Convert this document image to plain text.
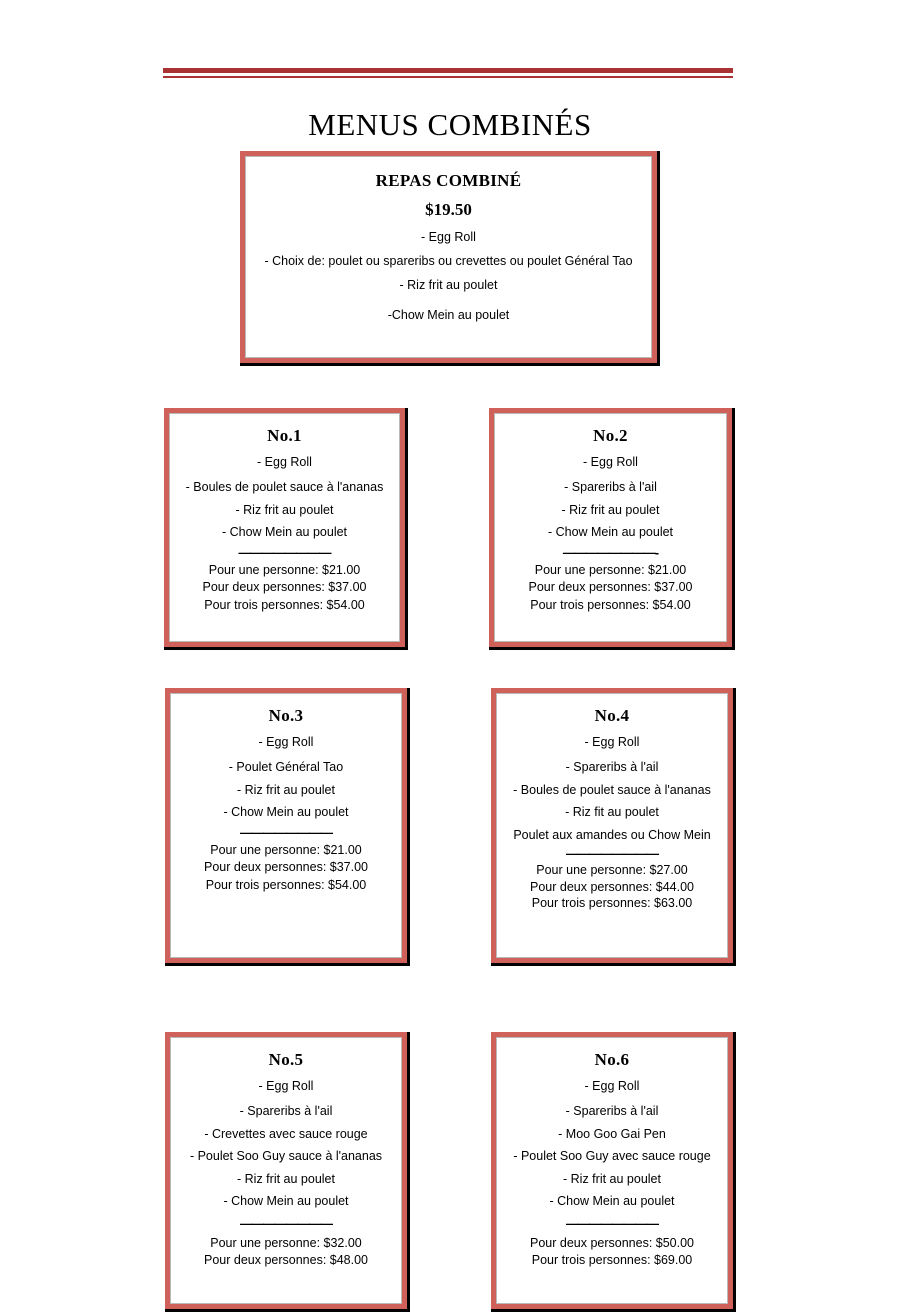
MENUS COMBINÉS
REPAS COMBINÉ
$19.50
- Egg Roll
- Choix de: poulet ou spareribs ou crevettes ou poulet Général Tao
- Riz frit au poulet
-Chow Mein au poulet
No.1
- Egg Roll
- Boules de poulet sauce à l'ananas
- Riz frit au poulet
- Chow Mein au poulet
————————
Pour une personne: $21.00
Pour deux personnes: $37.00
Pour trois personnes: $54.00
No.2
- Egg Roll
- Spareribs à l'ail
- Riz frit au poulet
- Chow Mein au poulet
————————-
Pour une personne: $21.00
Pour deux personnes: $37.00
Pour trois personnes: $54.00
No.3
- Egg Roll
- Poulet Général Tao
- Riz frit au poulet
- Chow Mein au poulet
————————
Pour une personne: $21.00
Pour deux personnes: $37.00
Pour trois personnes: $54.00
No.4
- Egg Roll
- Spareribs à l'ail
- Boules de poulet sauce à l'ananas
- Riz fit au poulet
Poulet aux amandes ou Chow Mein
————————
Pour une personne: $27.00
Pour deux personnes: $44.00
Pour trois personnes: $63.00
No.5
- Egg Roll
- Spareribs à l'ail
- Crevettes avec sauce rouge
- Poulet Soo Guy sauce à l'ananas
- Riz frit au poulet
- Chow Mein au poulet
————————
Pour une personne: $32.00
Pour deux personnes: $48.00
No.6
- Egg Roll
- Spareribs à l'ail
- Moo Goo Gai Pen
- Poulet Soo Guy avec sauce rouge
- Riz frit au poulet
- Chow Mein au poulet
————————
Pour deux personnes: $50.00
Pour trois personnes: $69.00
